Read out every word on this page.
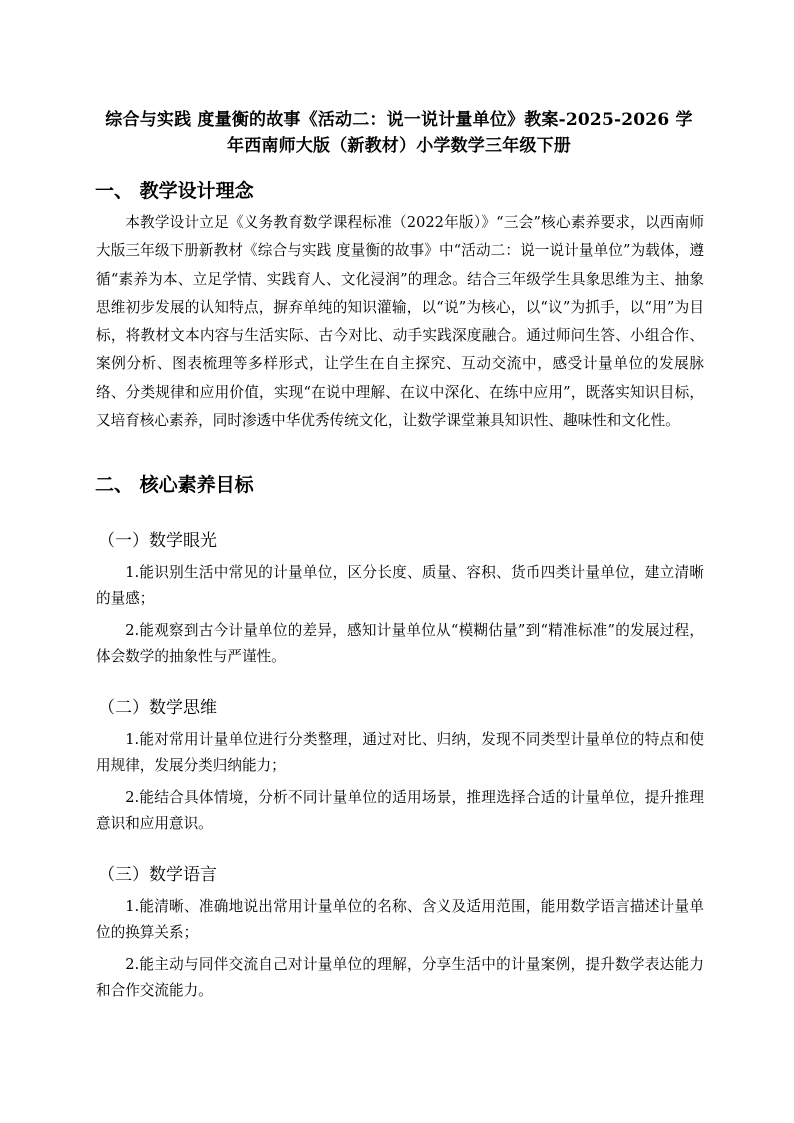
综合与实践 度量衡的故事《活动二：说一说计量单位》教案-2025-2026 学
年西南师大版（新教材）小学数学三年级下册
一、 教学设计理念

本教学设计立足《义务教育数学课程标准（2022年版）》“三会”核心素养要求，以西南师大版三年级下册新教材《综合与实践 度量衡的故事》中“活动二：说一说计量单位”为载体，遵循“素养为本、立足学情、实践育人、文化浸润”的理念。结合三年级学生具象思维为主、抽象思维初步发展的认知特点，摒弃单纯的知识灌输，以“说”为核心，以“议”为抓手，以“用”为目标，将教材文本内容与生活实际、古今对比、动手实践深度融合。通过师问生答、小组合作、案例分析、图表梳理等多样形式，让学生在自主探究、互动交流中，感受计量单位的发展脉络、分类规律和应用价值，实现“在说中理解、在议中深化、在练中应用”，既落实知识目标，又培育核心素养，同时渗透中华优秀传统文化，让数学课堂兼具知识性、趣味性和文化性。

二、 核心素养目标
（一）数学眼光

1.能识别生活中常见的计量单位，区分长度、质量、容积、货币四类计量单位，建立清晰的量感；

2.能观察到古今计量单位的差异，感知计量单位从“模糊估量”到“精准标准”的发展过程，体会数学的抽象性与严谨性。

（二）数学思维

1.能对常用计量单位进行分类整理，通过对比、归纳，发现不同类型计量单位的特点和使用规律，发展分类归纳能力；

2.能结合具体情境，分析不同计量单位的适用场景，推理选择合适的计量单位，提升推理意识和应用意识。

（三）数学语言

1.能清晰、准确地说出常用计量单位的名称、含义及适用范围，能用数学语言描述计量单位的换算关系；

2.能主动与同伴交流自己对计量单位的理解，分享生活中的计量案例，提升数学表达能力和合作交流能力。
